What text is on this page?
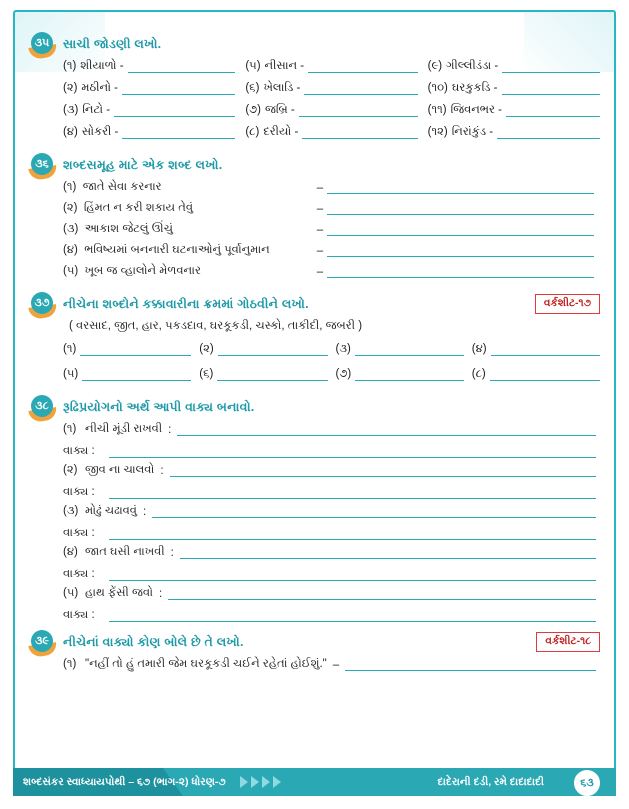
૩૫ સાચી જોડણી લખો.
(૧) શીયાળો -	(૫) નીસાન -	(૯) ગીલ્લીડંડા -
(૨) મઠીનો -	(૬) ખેલાડિ -	(૧૦) ઘરકુકડિ -
(૩) નિટો -	(૭) જબ્રિ -	(૧૧) જિવનભર -
(૪) સોકરી -	(૮) દરીયો -	(૧૨) નિરાંકુંડ -
૩૬	શબ્દસમૂહ માટે એક શબ્દ લખો.
(૧) જાતે સેવા કરનાર	–
(૨) હિંમત ન કરી શકાય તેવું	–
(૩) આકાશ જેટલું ઊંચું	–
(૪) ભવિષ્યમાં બનનારી ઘટનાઓનું પૂર્વાનુમાન	–
(૫) ખૂબ જ વ્હાલોને મેળવનાર	–
૩૭ નીચેના શબ્દોને કક્કાવારીના ક્રમમાં ગોઠવીને લખો.	વર્કશીટ-૧૭
( વરસાદ, જીત, હાર, પકડદાવ, ઘરકૂકડી, ચસ્કો, તાકીદી, જબરી )
(૧)	(૨)	(૩)	(૪)
(૫)	(૬)	(૭)	(૮)
૩૮	રૂઢિપ્રયોગનો અર્થ આપી વાક્ય બનાવો.
(૧) નીચી મૂંડી રાખવી :
વાક્ય :
(૨) જીવ ના ચાલવો :
વાક્ય :
(૩) મોઢું ચઢાવવું :
વાક્ય :
(૪) જાત ઘસી નાખવી :
વાક્ય :
(૫) હાથ ફેંસી જવો :
વાક્ય :
૩૯	નીચેનાં વાક્યો કોણ બોલે છે તે લખો.	વર્કશીટ-૧૮
(૧) "નહીં તો હું તમારી જેમ ઘરકૂકડી ચઈને રહેતાં હોઈશું." –
શબ્દસંકર સ્વાધ્યાયપોથી – ૬૭ (ભાગ-૨) ધોરણ-૭	દાદેરાની દડી, રમે દાદાદાદી	૬૩
